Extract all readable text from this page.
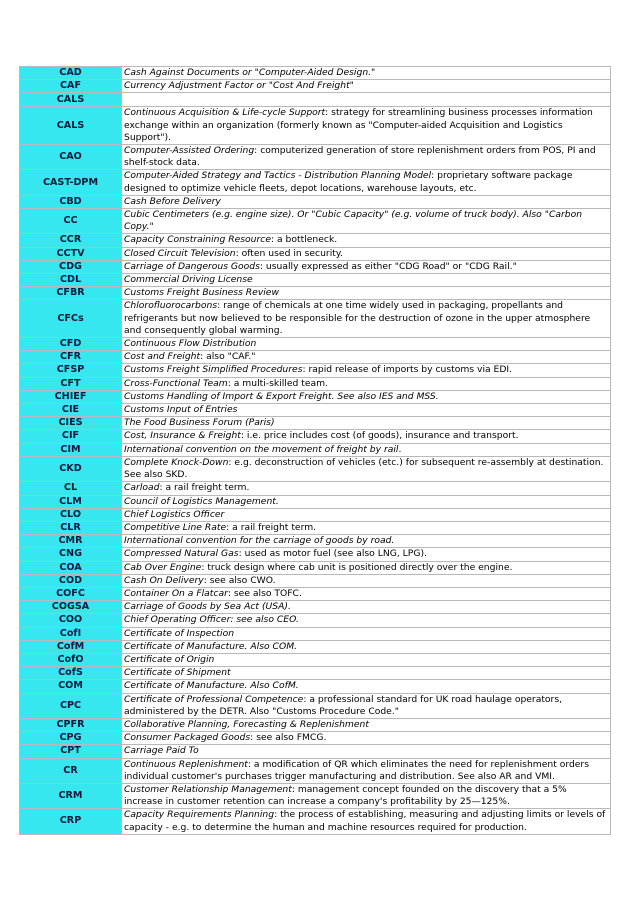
CAD	Cash Against Documents or "Computer-Aided Design."
CAF	Currency Adjustment Factor or "Cost And Freight"
CALS	
CALS	Continuous Acquisition & Life-cycle Support: strategy for streamlining business processes information exchange within an organization (formerly known as "Computer-aided Acquisition and Logistics Support").
CAO	Computer-Assisted Ordering: computerized generation of store replenishment orders from POS, PI and shelf-stock data.
CAST-DPM	Computer-Aided Strategy and Tactics - Distribution Planning Model: proprietary software package designed to optimize vehicle fleets, depot locations, warehouse layouts, etc.
CBD	Cash Before Delivery
CC	Cubic Centimeters (e.g. engine size). Or "Cubic Capacity" (e.g. volume of truck body). Also "Carbon Copy."
CCR	Capacity Constraining Resource: a bottleneck.
CCTV	Closed Circuit Television: often used in security.
CDG	Carriage of Dangerous Goods: usually expressed as either "CDG Road" or "CDG Rail."
CDL	Commercial Driving License
CFBR	Customs Freight Business Review
CFCs	Chlorofluorocarbons: range of chemicals at one time widely used in packaging, propellants and refrigerants but now believed to be responsible for the destruction of ozone in the upper atmosphere and consequently global warming.
CFD	Continuous Flow Distribution
CFR	Cost and Freight: also "CAF."
CFSP	Customs Freight Simplified Procedures: rapid release of imports by customs via EDI.
CFT	Cross-Functional Team: a multi-skilled team.
CHIEF	Customs Handling of Import & Export Freight. See also IES and MSS.
CIE	Customs Input of Entries
CIES	The Food Business Forum (Paris)
CIF	Cost, Insurance & Freight: i.e. price includes cost (of goods), insurance and transport.
CIM	International convention on the movement of freight by rail.
CKD	Complete Knock-Down: e.g. deconstruction of vehicles (etc.) for subsequent re-assembly at destination. See also SKD.
CL	Carload: a rail freight term.
CLM	Council of Logistics Management.
CLO	Chief Logistics Officer
CLR	Competitive Line Rate: a rail freight term.
CMR	International convention for the carriage of goods by road.
CNG	Compressed Natural Gas: used as motor fuel (see also LNG, LPG).
COA	Cab Over Engine: truck design where cab unit is positioned directly over the engine.
COD	Cash On Delivery: see also CWO.
COFC	Container On a Flatcar: see also TOFC.
COGSA	Carriage of Goods by Sea Act (USA).
COO	Chief Operating Officer: see also CEO.
CofI	Certificate of Inspection
CofM	Certificate of Manufacture. Also COM.
CofO	Certificate of Origin
CofS	Certificate of Shipment
COM	Certificate of Manufacture. Also CofM.
CPC	Certificate of Professional Competence: a professional standard for UK road haulage operators, administered by the DETR. Also "Customs Procedure Code."
CPFR	Collaborative Planning, Forecasting & Replenishment
CPG	Consumer Packaged Goods: see also FMCG.
CPT	Carriage Paid To
CR	Continuous Replenishment: a modification of QR which eliminates the need for replenishment orders individual customer's purchases trigger manufacturing and distribution. See also AR and VMI.
CRM	Customer Relationship Management: management concept founded on the discovery that a 5% increase in customer retention can increase a company's profitability by 25—125%.
CRP	Capacity Requirements Planning: the process of establishing, measuring and adjusting limits or levels of capacity - e.g. to determine the human and machine resources required for production.
